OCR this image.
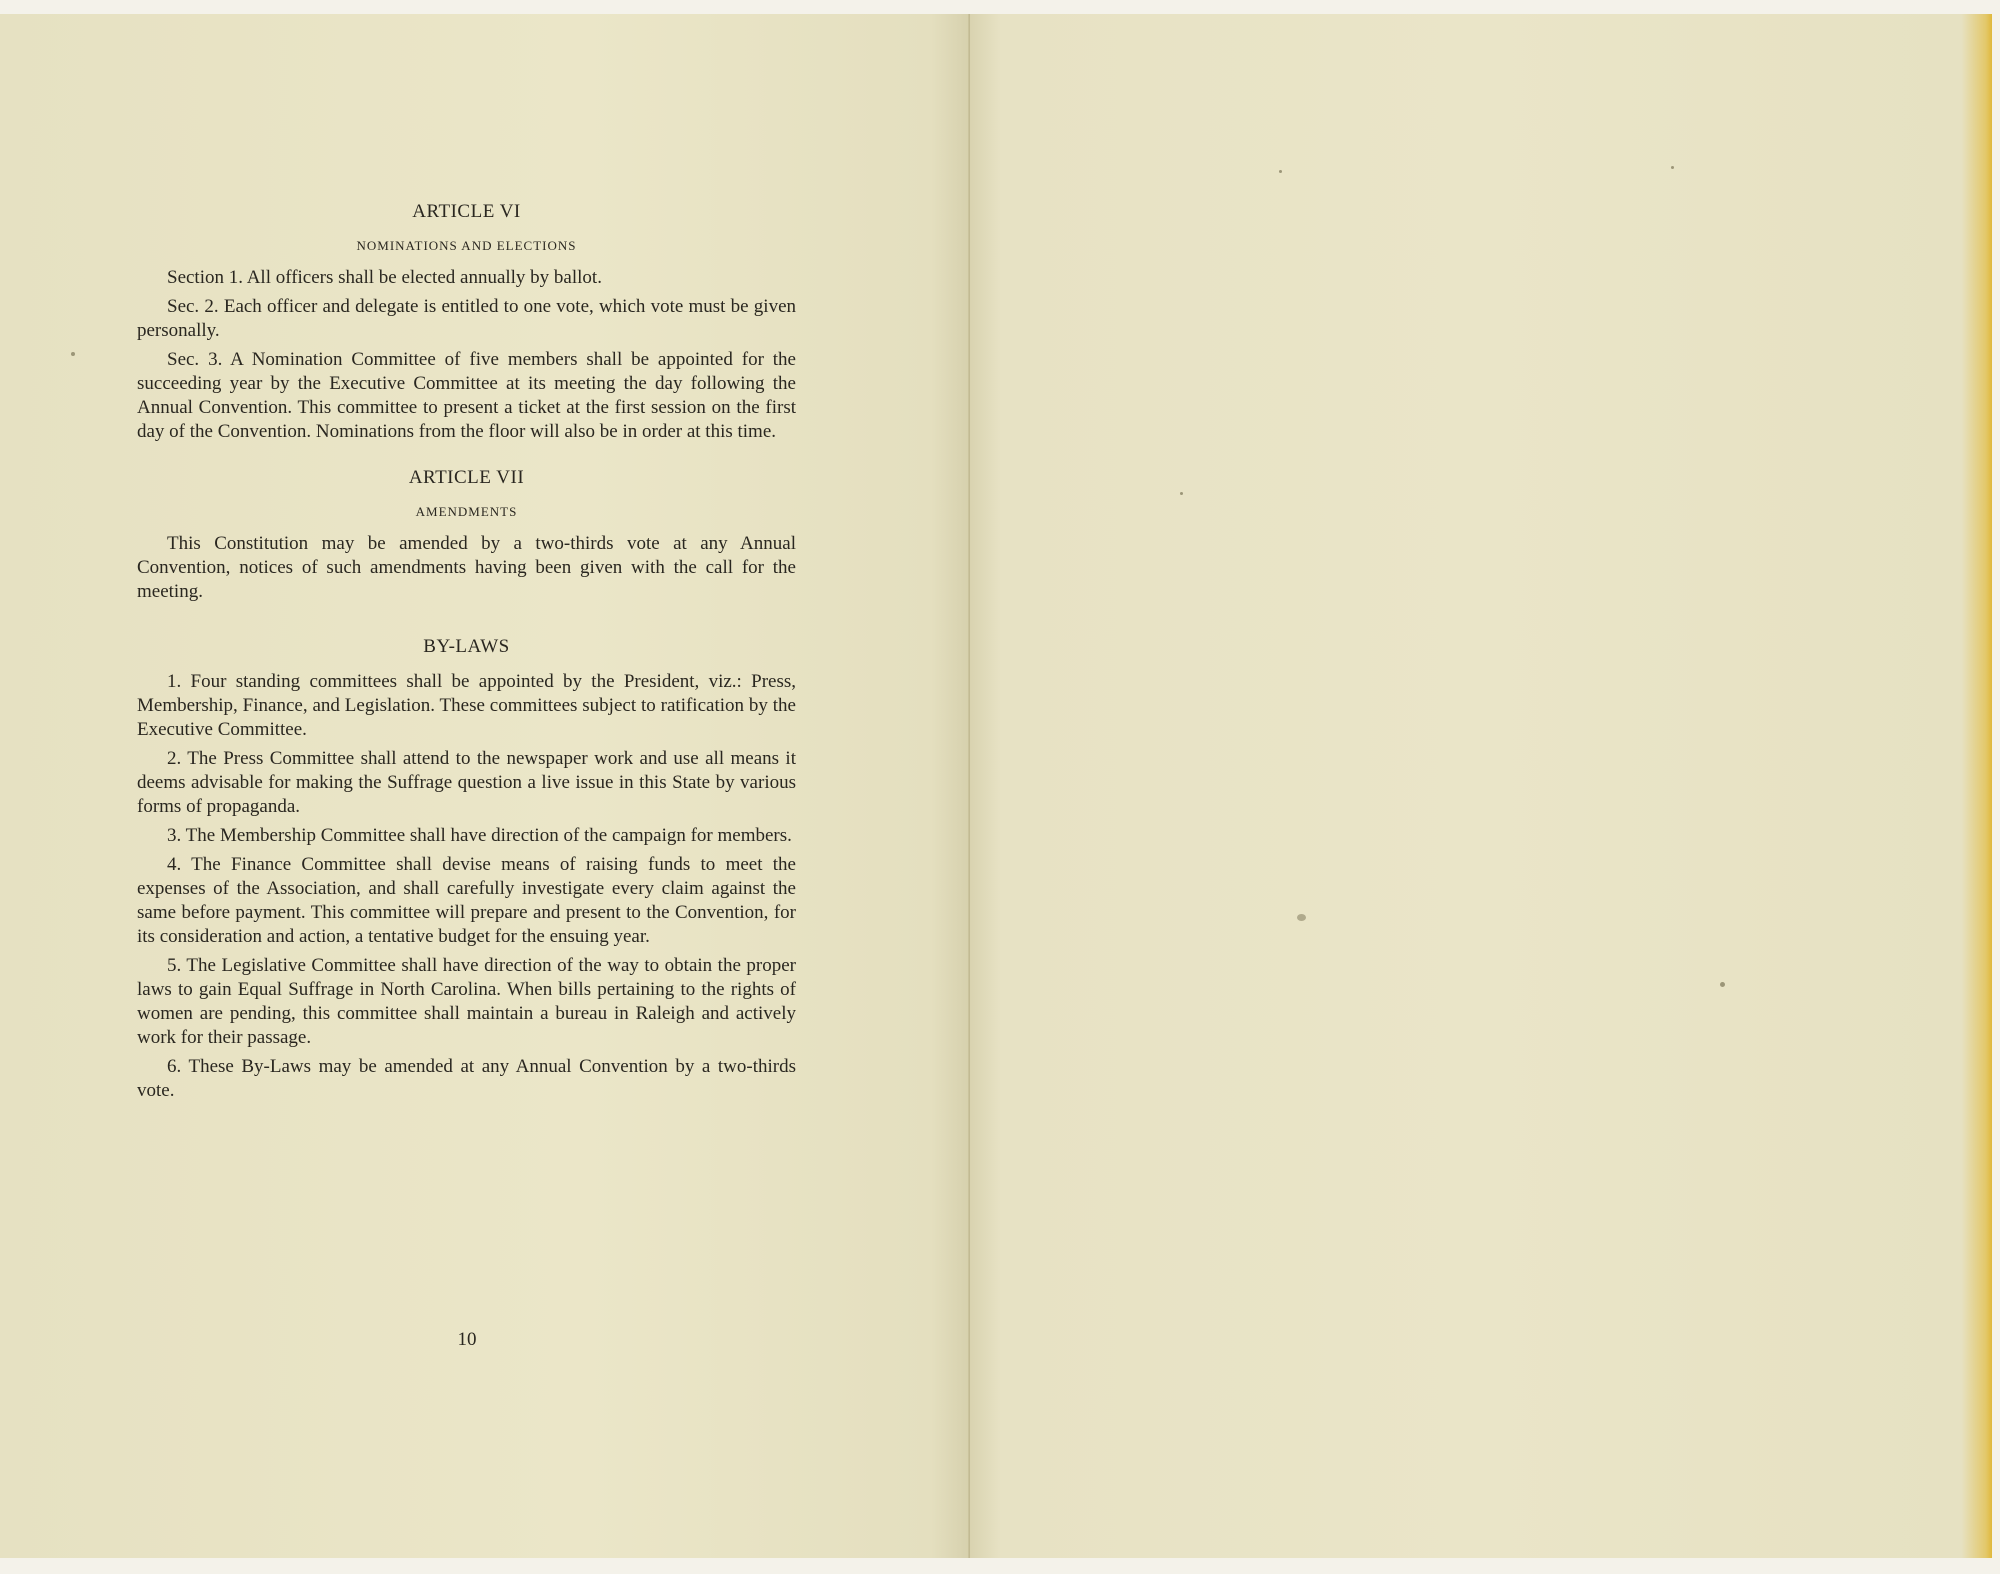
ARTICLE VI
NOMINATIONS AND ELECTIONS

Section 1. All officers shall be elected annually by ballot.

Sec. 2. Each officer and delegate is entitled to one vote, which vote must be given personally.

Sec. 3. A Nomination Committee of five members shall be appointed for the succeeding year by the Executive Committee at its meeting the day following the Annual Convention. This committee to present a ticket at the first session on the first day of the Convention. Nominations from the floor will also be in order at this time.

ARTICLE VII
AMENDMENTS

This Constitution may be amended by a two-thirds vote at any Annual Convention, notices of such amendments having been given with the call for the meeting.

BY-LAWS

1. Four standing committees shall be appointed by the President, viz.: Press, Membership, Finance, and Legislation. These committees subject to ratification by the Executive Committee.

2. The Press Committee shall attend to the newspaper work and use all means it deems advisable for making the Suffrage question a live issue in this State by various forms of propaganda.

3. The Membership Committee shall have direction of the campaign for members.

4. The Finance Committee shall devise means of raising funds to meet the expenses of the Association, and shall carefully investigate every claim against the same before payment. This committee will prepare and present to the Convention, for its consideration and action, a tentative budget for the ensuing year.

5. The Legislative Committee shall have direction of the way to obtain the proper laws to gain Equal Suffrage in North Carolina. When bills pertaining to the rights of women are pending, this committee shall maintain a bureau in Raleigh and actively work for their passage.

6. These By-Laws may be amended at any Annual Convention by a two-thirds vote.

10
